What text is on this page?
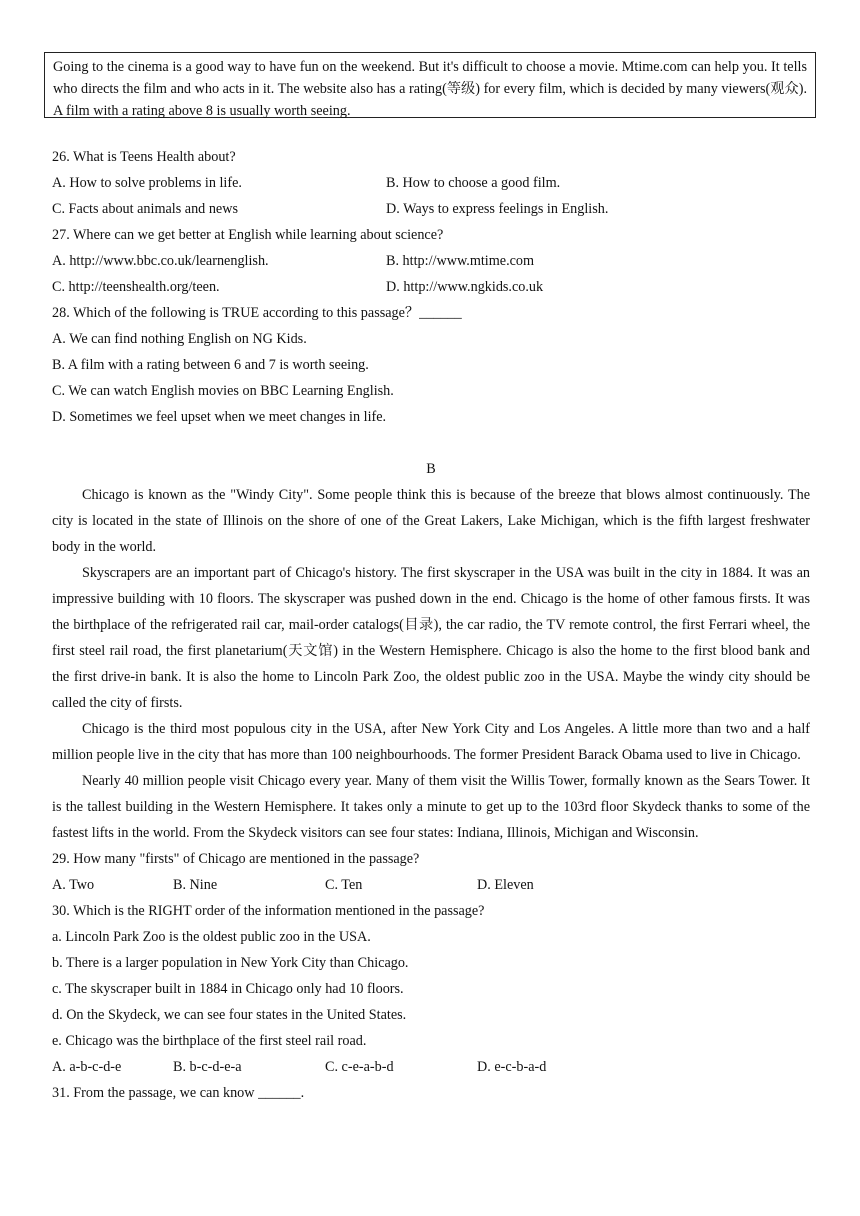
Going to the cinema is a good way to have fun on the weekend. But it's difficult to choose a movie. Mtime.com can help you. It tells who directs the film and who acts in it. The website also has a rating(等级) for every film, which is decided by many viewers(观众). A film with a rating above 8 is usually worth seeing.
26. What is Teens Health about?
A. How to solve problems in life.	B. How to choose a good film.
C. Facts about animals and news	D. Ways to express feelings in English.
27. Where can we get better at English while learning about science?
A. http://www.bbc.co.uk/learnenglish.	B. http://www.mtime.com
C. http://teenshealth.org/teen.	D. http://www.ngkids.co.uk
28. Which of the following is TRUE according to this passage？______
A. We can find nothing English on NG Kids.
B. A film with a rating between 6 and 7 is worth seeing.
C. We can watch English movies on BBC Learning English.
D. Sometimes we feel upset when we meet changes in life.
B
Chicago is known as the "Windy City". Some people think this is because of the breeze that blows almost continuously. The city is located in the state of Illinois on the shore of one of the Great Lakers, Lake Michigan, which is the fifth largest freshwater body in the world.
Skyscrapers are an important part of Chicago's history. The first skyscraper in the USA was built in the city in 1884. It was an impressive building with 10 floors. The skyscraper was pushed down in the end. Chicago is the home of other famous firsts. It was the birthplace of the refrigerated rail car, mail-order catalogs(目录), the car radio, the TV remote control, the first Ferrari wheel, the first steel rail road, the first planetarium(天文馆) in the Western Hemisphere. Chicago is also the home to the first blood bank and the first drive-in bank. It is also the home to Lincoln Park Zoo, the oldest public zoo in the USA. Maybe the windy city should be called the city of firsts.
Chicago is the third most populous city in the USA, after New York City and Los Angeles. A little more than two and a half million people live in the city that has more than 100 neighbourhoods. The former President Barack Obama used to live in Chicago.
Nearly 40 million people visit Chicago every year. Many of them visit the Willis Tower, formally known as the Sears Tower. It is the tallest building in the Western Hemisphere. It takes only a minute to get up to the 103rd floor Skydeck thanks to some of the fastest lifts in the world. From the Skydeck visitors can see four states: Indiana, Illinois, Michigan and Wisconsin.
29. How many "firsts" of Chicago are mentioned in the passage?
A. Two	B. Nine	C. Ten	D. Eleven
30. Which is the RIGHT order of the information mentioned in the passage?
a. Lincoln Park Zoo is the oldest public zoo in the USA.
b. There is a larger population in New York City than Chicago.
c. The skyscraper built in 1884 in Chicago only had 10 floors.
d. On the Skydeck, we can see four states in the United States.
e. Chicago was the birthplace of the first steel rail road.
A. a-b-c-d-e	B. b-c-d-e-a	C. c-e-a-b-d	D. e-c-b-a-d
31. From the passage, we can know ______.
